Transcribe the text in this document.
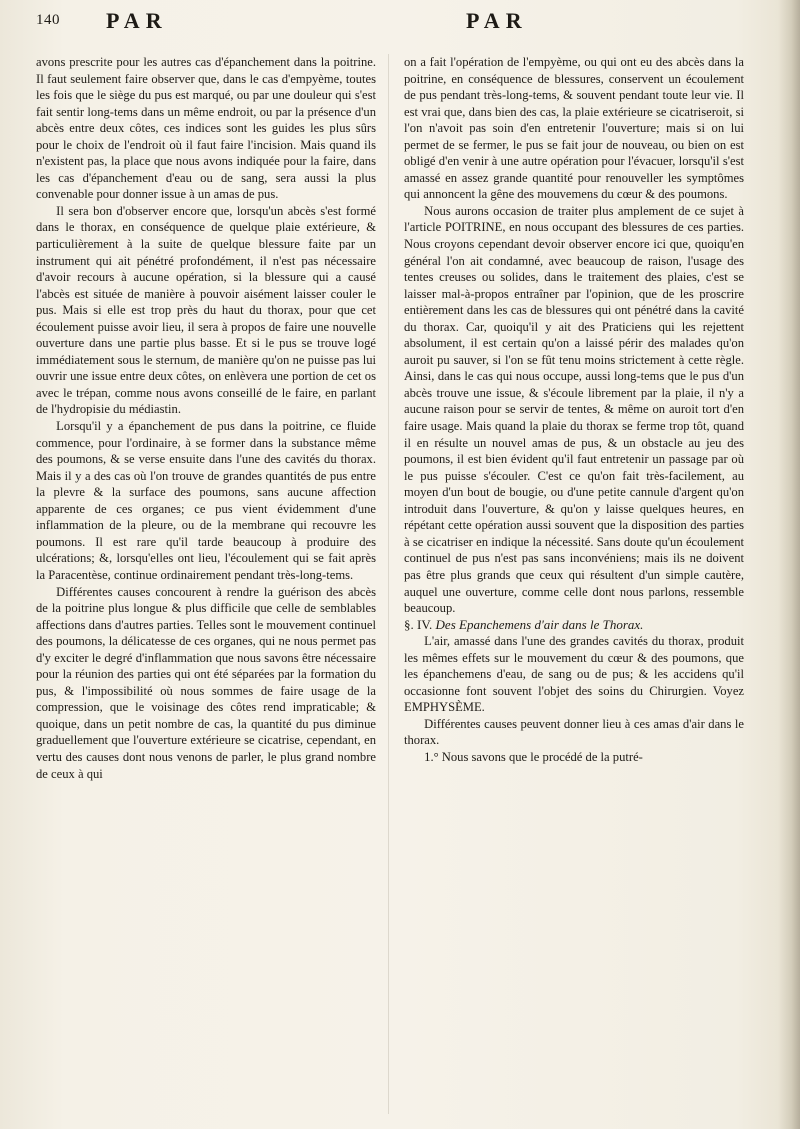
140 PAR	PAR

avons prescrite pour les autres cas d'épanchement dans la poitrine. Il faut seulement faire observer que, dans le cas d'empyème, toutes les fois que le siège du pus est marqué, ou par une douleur qui s'est fait sentir long-tems dans un même endroit, ou par la présence d'un abcès entre deux côtes, ces indices sont les guides les plus sûrs pour le choix de l'endroit où il faut faire l'incision. Mais quand ils n'existent pas, la place que nous avons indiquée pour la faire, dans les cas d'épanchement d'eau ou de sang, sera aussi la plus convenable pour donner issue à un amas de pus.

Il sera bon d'observer encore que, lorsqu'un abcès s'est formé dans le thorax, en conséquence de quelque plaie extérieure, & particulièrement à la suite de quelque blessure faite par un instrument qui ait pénétré profondément, il n'est pas nécessaire d'avoir recours à aucune opération, si la blessure qui a causé l'abcès est située de manière à pouvoir aisément laisser couler le pus. Mais si elle est trop près du haut du thorax, pour que cet écoulement puisse avoir lieu, il sera à propos de faire une nouvelle ouverture dans une partie plus basse. Et si le pus se trouve logé immédiatement sous le sternum, de manière qu'on ne puisse pas lui ouvrir une issue entre deux côtes, on enlèvera une portion de cet os avec le trépan, comme nous avons conseillé de le faire, en parlant de l'hydropisie du médiastin.

Lorsqu'il y a épanchement de pus dans la poitrine, ce fluide commence, pour l'ordinaire, à se former dans la substance même des poumons, & se verse ensuite dans l'une des cavités du thorax. Mais il y a des cas où l'on trouve de grandes quantités de pus entre la plevre & la surface des poumons, sans aucune affection apparente de ces organes; ce pus vient évidemment d'une inflammation de la pleure, ou de la membrane qui recouvre les poumons. Il est rare qu'il tarde beaucoup à produire des ulcérations; &, lorsqu'elles ont lieu, l'écoulement qui se fait après la Paracentèse, continue ordinairement pendant très-long-tems.

Différentes causes concourent à rendre la guérison des abcès de la poitrine plus longue & plus difficile que celle de semblables affections dans d'autres parties. Telles sont le mouvement continuel des poumons, la délicatesse de ces organes, qui ne nous permet pas d'y exciter le degré d'inflammation que nous savons être nécessaire pour la réunion des parties qui ont été séparées par la formation du pus, & l'impossibilité où nous sommes de faire usage de la compression, que le voisinage des côtes rend impraticable; & quoique, dans un petit nombre de cas, la quantité du pus diminue graduellement que l'ouverture extérieure se cicatrise, cependant, en vertu des causes dont nous venons de parler, le plus grand nombre de ceux à qui

on a fait l'opération de l'empyème, ou qui ont eu des abcès dans la poitrine, en conséquence de blessures, conservent un écoulement de pus pendant très-long-tems, & souvent pendant toute leur vie. Il est vrai que, dans bien des cas, la plaie extérieure se cicatriseroit, si l'on n'avoit pas soin d'en entretenir l'ouverture; mais si on lui permet de se fermer, le pus se fait jour de nouveau, ou bien on est obligé d'en venir à une autre opération pour l'évacuer, lorsqu'il s'est amassé en assez grande quantité pour renouveller les symptômes qui annoncent la gêne des mouvemens du cœur & des poumons.

Nous aurons occasion de traiter plus amplement de ce sujet à l'article POITRINE, en nous occupant des blessures de ces parties. Nous croyons cependant devoir observer encore ici que, quoiqu'en général l'on ait condamné, avec beaucoup de raison, l'usage des tentes creuses ou solides, dans le traitement des plaies, c'est se laisser mal-à-propos entraîner par l'opinion, que de les proscrire entièrement dans les cas de blessures qui ont pénétré dans la cavité du thorax. Car, quoiqu'il y ait des Praticiens qui les rejettent absolument, il est certain qu'on a laissé périr des malades qu'on auroit pu sauver, si l'on se fût tenu moins strictement à cette règle. Ainsi, dans le cas qui nous occupe, aussi long-tems que le pus d'un abcès trouve une issue, & s'écoule librement par la plaie, il n'y a aucune raison pour se servir de tentes, & même on auroit tort d'en faire usage. Mais quand la plaie du thorax se ferme trop tôt, quand il en résulte un nouvel amas de pus, & un obstacle au jeu des poumons, il est bien évident qu'il faut entretenir un passage par où le pus puisse s'écouler. C'est ce qu'on fait très-facilement, au moyen d'un bout de bougie, ou d'une petite cannule d'argent qu'on introduit dans l'ouverture, & qu'on y laisse quelques heures, en répétant cette opération aussi souvent que la disposition des parties à se cicatriser en indique la nécessité. Sans doute qu'un écoulement continuel de pus n'est pas sans inconvéniens; mais ils ne doivent pas être plus grands que ceux qui résultent d'un simple cautère, auquel une ouverture, comme celle dont nous parlons, ressemble beaucoup.

§. IV. Des Epanchemens d'air dans le Thorax.

L'air, amassé dans l'une des grandes cavités du thorax, produit les mêmes effets sur le mouvement du cœur & des poumons, que les épanchemens d'eau, de sang ou de pus; & les accidens qu'il occasionne font souvent l'objet des soins du Chirurgien. Voyez EMPHYSÈME.

Différentes causes peuvent donner lieu à ces amas d'air dans le thorax.

1.° Nous savons que le procédé de la putré-
